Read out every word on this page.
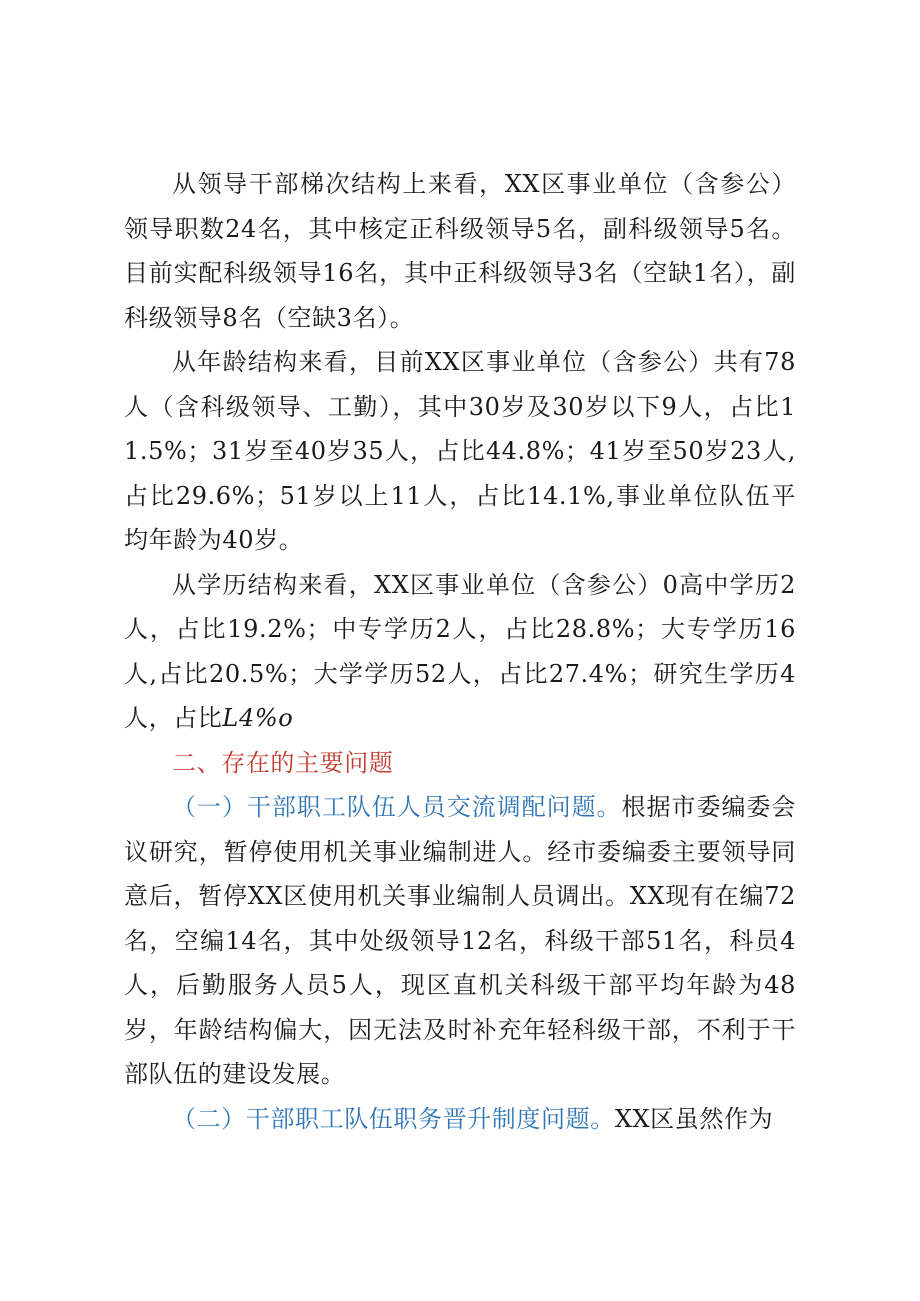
从领导干部梯次结构上来看，XX区事业单位（含参公）领导职数24名，其中核定正科级领导5名，副科级领导5名。目前实配科级领导16名，其中正科级领导3名（空缺1名），副科级领导8名（空缺3名）。

从年龄结构来看，目前XX区事业单位（含参公）共有78人（含科级领导、工勤），其中30岁及30岁以下9人，占比11.5%；31岁至40岁35人，占比44.8%；41岁至50岁23人,占比29.6%；51岁以上11人，占比14.1%,事业单位队伍平均年龄为40岁。

从学历结构来看，XX区事业单位（含参公）0高中学历2人，占比19.2%；中专学历2人，占比28.8%；大专学历16人,占比20.5%；大学学历52人，占比27.4%；研究生学历4人，占比L4%o

二、存在的主要问题

（一）干部职工队伍人员交流调配问题。根据市委编委会议研究，暂停使用机关事业编制进人。经市委编委主要领导同意后，暂停XX区使用机关事业编制人员调出。XX现有在编72名，空编14名，其中处级领导12名，科级干部51名，科员4人，后勤服务人员5人，现区直机关科级干部平均年龄为48岁，年龄结构偏大，因无法及时补充年轻科级干部，不利于干部队伍的建设发展。

（二）干部职工队伍职务晋升制度问题。XX区虽然作为
